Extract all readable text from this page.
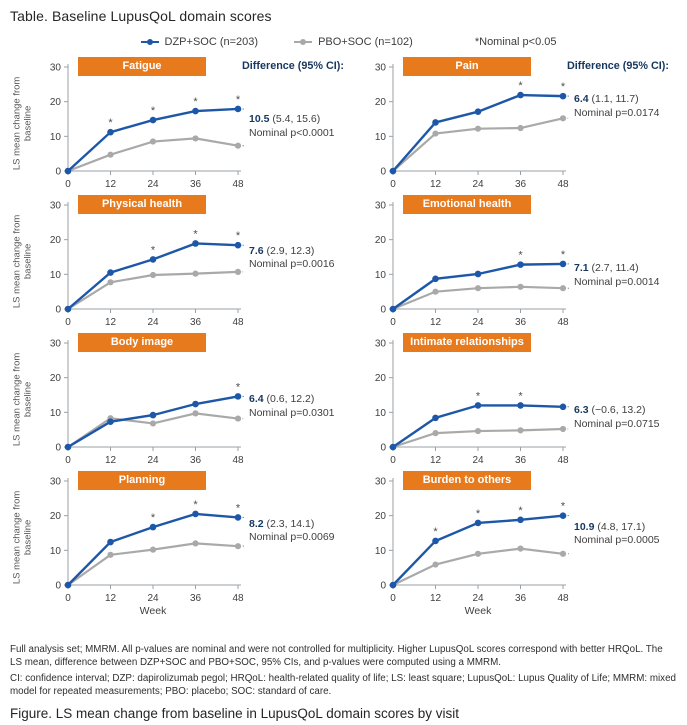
Table. Baseline LupusQoL domain scores
DZP+SOC (n=203)	PBO+SOC (n=102)	*Nominal p<0.05
LS mean change from baseline
Fatigue
0
10
20
30
0	12	24	36	48
*
*
*	*
Difference (95% CI):
10.5 (5.4, 15.6)
Nominal p<0.0001
Pain
0
10
20
30
0	12	24	36	48
*	*
Difference (95% CI):
6.4 (1.1, 11.7)
Nominal p=0.0174
LS mean change from baseline
Physical health
0
10
20
30
0	12	24	36	48
*
*	*
7.6 (2.9, 12.3)
Nominal p=0.0016
Emotional health
0
10
20
30
0	12	24	36	48
*	*
7.1 (2.7, 11.4)
Nominal p=0.0014
LS mean change from baseline
Body image
0
10
20
30
0	12	24	36	48
*
6.4 (0.6, 12.2)
Nominal p=0.0301
Intimate relationships
0
10
20
30
0	12	24	36	48
*	*
6.3 (−0.6, 13.2)
Nominal p=0.0715
LS mean change from baseline
Planning
0
10
20
30
0	12	24	36	48
*
*	*
Week
8.2 (2.3, 14.1)
Nominal p=0.0069
Burden to others
0
10
20
30
0	12	24	36	48
*
*	*	*
Week
10.9 (4.8, 17.1)
Nominal p=0.0005

Full analysis set; MMRM. All p-values are nominal and were not controlled for multiplicity. Higher LupusQoL scores correspond with better HRQoL. The LS mean, difference between DZP+SOC and PBO+SOC, 95% CIs, and p-values were computed using a MMRM.

CI: confidence interval; DZP: dapirolizumab pegol; HRQoL: health-related quality of life; LS: least square; LupusQoL: Lupus Quality of Life; MMRM: mixed model for repeated measurements; PBO: placebo; SOC: standard of care.

Figure. LS mean change from baseline in LupusQoL domain scores by visit
